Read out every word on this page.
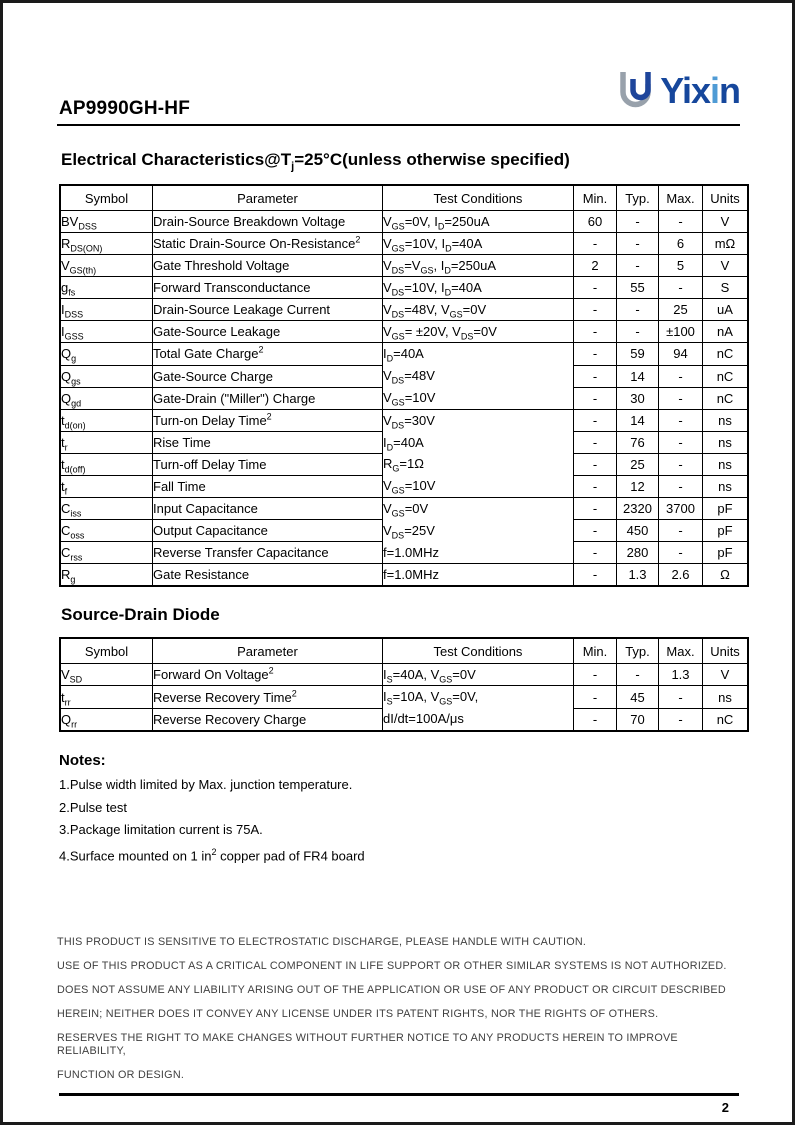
AP9990GH-HF	Yixin
Electrical $Characteristics@T_j=25^\circ C(unless$ otherwise specified)
Symbol	Parameter	Test Conditions	Min.	Typ.	Max.	Units
$BV_{DSS}$	Drain-Source Breakdown Voltage	$V_{GS}=0V$, $I_D=250uA$	60	-	-	V
$R_{DS(ON)}$	Static Drain-Source On-Resistance$^2$	$V_{GS}=10V$, $I_D=40A$	-	-	6	mΩ
$V_{GS(th)}$	Gate Threshold Voltage	$V_{DS}=V_{GS}$, $I_D=250uA$	2	-	5	V
$g_{fs}$	Forward Transconductance	$V_{DS}=10V$, $I_D=40A$	-	55	-	S
$I_{DSS}$	Drain-Source Leakage Current	$V_{DS}=48V$, $V_{GS}=0V$	-	-	25	uA
$I_{GSS}$	Gate-Source Leakage	$V_{GS}= \pm 20V$, $V_{DS}=0V$	-	-	±100	nA
$Q_g$	Total Gate Charge$^2$	$I_D=40A$
$V_{DS}=48V$
$V_{GS}=10V$	-	59	94	nC
$Q_{gs}$	Gate-Source Charge		-	14	-	nC
$Q_{gd}$	Gate-Drain ("Miller") Charge		-	30	-	nC
$t_{d(on)}$	Turn-on Delay Time$^2$	$V_{DS}=30V$
$I_D=40A$
$R_G=1\Omega$
$V_{GS}=10V$	-	14	-	ns
$t_r$	Rise Time		-	76	-	ns
$t_{d(off)}$	Turn-off Delay Time		-	25	-	ns
$t_f$	Fall Time		-	12	-	ns
$C_{iss}$	Input Capacitance	$V_{GS}=0V$
$V_{DS}=25V$
f=1.0MHz	-	2320	3700	pF
$C_{oss}$	Output Capacitance		-	450	-	pF
$C_{rss}$	Reverse Transfer Capacitance		-	280	-	pF
$R_g$	Gate Resistance	f=1.0MHz	-	1.3	2.6	Ω
Source-Drain Diode
Symbol	Parameter	Test Conditions	Min.	Typ.	Max.	Units
$V_{SD}$	Forward On Voltage$^2$	$I_S=40A$, $V_{GS}=0V$	-	-	1.3	V
$t_{rr}$	Reverse Recovery Time$^2$	$I_S=10A$, $V_{GS}=0V$,
dI/dt=100A/μs	-	45	-	ns
$Q_{rr}$	Reverse Recovery Charge		-	70	-	nC
Notes:
1.Pulse width limited by Max. junction temperature.
2.Pulse test
3.Package limitation current is 75A.
4.Surface mounted on 1 $in^2$ copper pad of FR4 board
THIS PRODUCT IS SENSITIVE TO ELECTROSTATIC DISCHARGE, PLEASE HANDLE WITH CAUTION.
USE OF THIS PRODUCT AS A CRITICAL COMPONENT IN LIFE SUPPORT OR OTHER SIMILAR SYSTEMS IS NOT AUTHORIZED.
DOES NOT ASSUME ANY LIABILITY ARISING OUT OF THE APPLICATION OR USE OF ANY PRODUCT OR CIRCUIT DESCRIBED
HEREIN; NEITHER DOES IT CONVEY ANY LICENSE UNDER ITS PATENT RIGHTS, NOR THE RIGHTS OF OTHERS.
RESERVES THE RIGHT TO MAKE CHANGES WITHOUT FURTHER NOTICE TO ANY PRODUCTS HEREIN TO IMPROVE RELIABILITY,
FUNCTION OR DESIGN.
2
